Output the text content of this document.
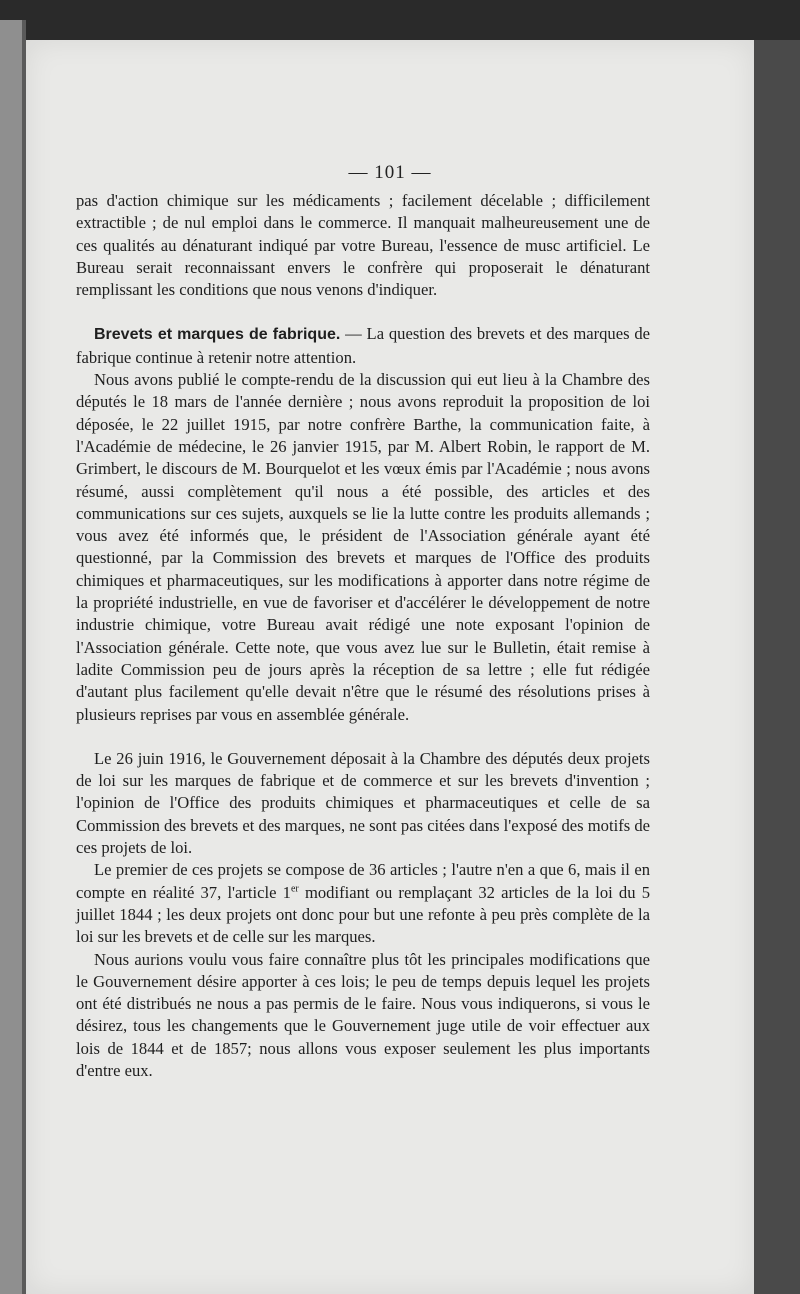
— 101 —

pas d'action chimique sur les médicaments ; facilement décelable ; difficilement extractible ; de nul emploi dans le commerce. Il manquait malheureusement une de ces qualités au dénaturant indiqué par votre Bureau, l'essence de musc artificiel. Le Bureau serait reconnaissant envers le confrère qui proposerait le dénaturant remplissant les conditions que nous venons d'indiquer.

Brevets et marques de fabrique. — La question des brevets et des marques de fabrique continue à retenir notre attention.

Nous avons publié le compte-rendu de la discussion qui eut lieu à la Chambre des députés le 18 mars de l'année dernière ; nous avons reproduit la proposition de loi déposée, le 22 juillet 1915, par notre confrère Barthe, la communication faite, à l'Académie de médecine, le 26 janvier 1915, par M. Albert Robin, le rapport de M. Grimbert, le discours de M. Bourquelot et les vœux émis par l'Académie ; nous avons résumé, aussi complètement qu'il nous a été possible, des articles et des communications sur ces sujets, auxquels se lie la lutte contre les produits allemands ; vous avez été informés que, le président de l'Association générale ayant été questionné, par la Commission des brevets et marques de l'Office des produits chimiques et pharmaceutiques, sur les modifications à apporter dans notre régime de la propriété industrielle, en vue de favoriser et d'accélérer le développement de notre industrie chimique, votre Bureau avait rédigé une note exposant l'opinion de l'Association générale. Cette note, que vous avez lue sur le Bulletin, était remise à ladite Commission peu de jours après la réception de sa lettre ; elle fut rédigée d'autant plus facilement qu'elle devait n'être que le résumé des résolutions prises à plusieurs reprises par vous en assemblée générale.

Le 26 juin 1916, le Gouvernement déposait à la Chambre des députés deux projets de loi sur les marques de fabrique et de commerce et sur les brevets d'invention ; l'opinion de l'Office des produits chimiques et pharmaceutiques et celle de sa Commission des brevets et des marques, ne sont pas citées dans l'exposé des motifs de ces projets de loi.

Le premier de ces projets se compose de 36 articles ; l'autre n'en a que 6, mais il en compte en réalité 37, l'article 1er modifiant ou remplaçant 32 articles de la loi du 5 juillet 1844 ; les deux projets ont donc pour but une refonte à peu près complète de la loi sur les brevets et de celle sur les marques.

Nous aurions voulu vous faire connaître plus tôt les principales modifications que le Gouvernement désire apporter à ces lois; le peu de temps depuis lequel les projets ont été distribués ne nous a pas permis de le faire. Nous vous indiquerons, si vous le désirez, tous les changements que le Gouvernement juge utile de voir effectuer aux lois de 1844 et de 1857; nous allons vous exposer seulement les plus importants d'entre eux.
